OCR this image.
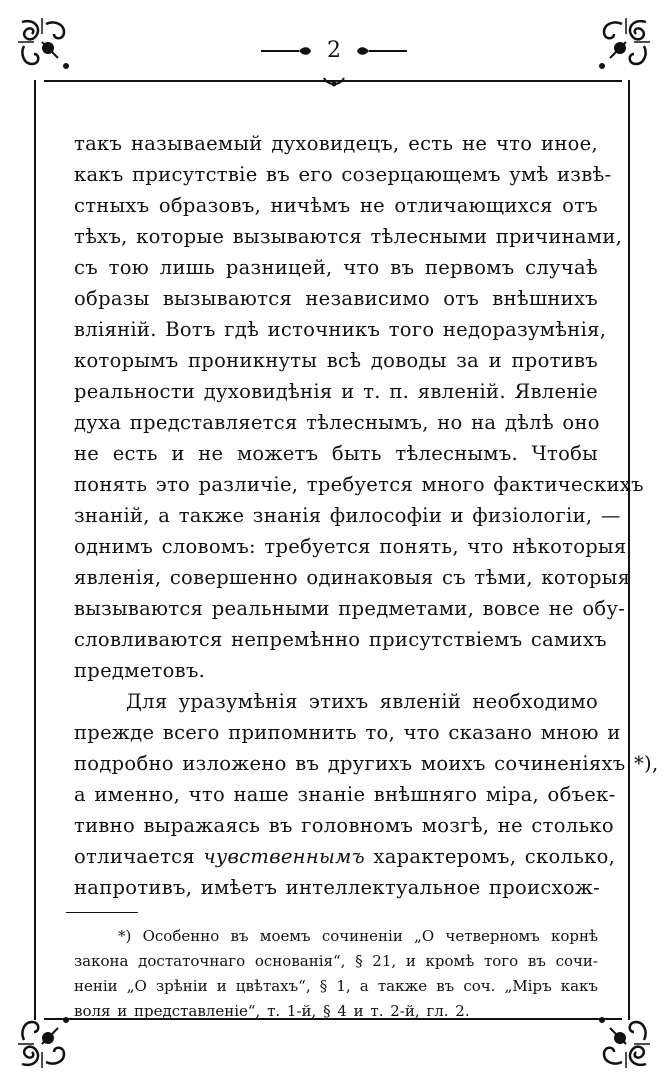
2
такъ называемый духовидецъ, есть не что иное,
какъ присутствіе въ его созерцающемъ умѣ извѣ-
стныхъ образовъ, ничѣмъ не отличающихся отъ
тѣхъ, которые вызываются тѣлесными причинами,
съ тою лишь разницей, что въ первомъ случаѣ
образы вызываются независимо отъ внѣшнихъ
вліяній. Вотъ гдѣ источникъ того недоразумѣнія,
которымъ проникнуты всѣ доводы за и противъ
реальности духовидѣнія и т. п. явленій. Явленіе
духа представляется тѣлеснымъ, но на дѣлѣ оно
не есть и не можетъ быть тѣлеснымъ. Чтобы
понять это различіе, требуется много фактическихъ
знаній, а также знанія философіи и физіологіи, —
однимъ словомъ: требуется понять, что нѣкоторыя
явленія, совершенно одинаковыя съ тѣми, которыя
вызываются реальными предметами, вовсе не обу-
словливаются непремѣнно присутствіемъ самихъ
предметовъ.
Для уразумѣнія этихъ явленій необходимо
прежде всего припомнить то, что сказано мною и
подробно изложено въ другихъ моихъ сочиненіяхъ *),
а именно, что наше знаніе внѣшняго міра, объек-
тивно выражаясь въ головномъ мозгѣ, не столько
отличается чувственнымъ характеромъ, сколько,
напротивъ, имѣетъ интеллектуальное происхож-
*) Особенно въ моемъ сочиненіи „О четверномъ корнѣ
закона достаточнаго основанія“, § 21, и кромѣ того въ сочи-
неніи „О зрѣніи и цвѣтахъ“, § 1, а также въ соч. „Міръ какъ
воля и представленіе“, т. 1-й, § 4 и т. 2-й, гл. 2.
